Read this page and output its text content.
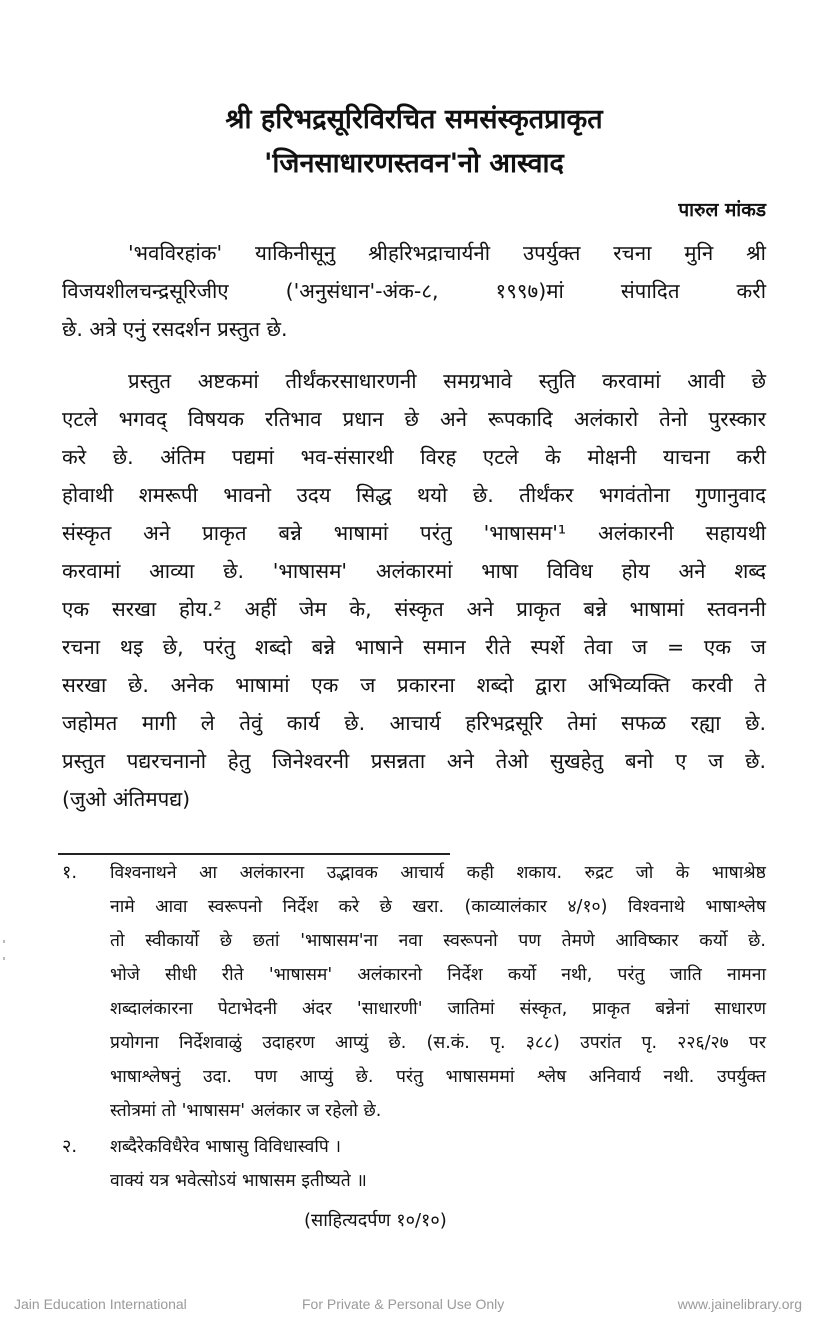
श्री हरिभद्रसूरिविरचित समसंस्कृतप्राकृत
'जिनसाधारणस्तवन'नो आस्वाद
पारुल मांकड
'भवविरहांक' याकिनीसूनु श्रीहरिभद्राचार्यनी उपर्युक्त रचना मुनि श्री
विजयशीलचन्द्रसूरिजीए ('अनुसंधान'-अंक-८, १९९७)मां संपादित करी
छे. अत्रे एनुं रसदर्शन प्रस्तुत छे.
प्रस्तुत अष्टकमां तीर्थंकरसाधारणनी समग्रभावे स्तुति करवामां आवी छे
एटले भगवद् विषयक रतिभाव प्रधान छे अने रूपकादि अलंकारो तेनो पुरस्कार
करे छे. अंतिम पद्यमां भव-संसारथी विरह एटले के मोक्षनी याचना करी
होवाथी शमरूपी भावनो उदय सिद्ध थयो छे. तीर्थंकर भगवंतोना गुणानुवाद
संस्कृत अने प्राकृत बन्ने भाषामां परंतु 'भाषासम'¹ अलंकारनी सहायथी
करवामां आव्या छे. 'भाषासम' अलंकारमां भाषा विविध होय अने शब्द
एक सरखा होय.² अहीं जेम के, संस्कृत अने प्राकृत बन्ने भाषामां स्तवननी
रचना थइ छे, परंतु शब्दो बन्ने भाषाने समान रीते स्पर्शे तेवा ज = एक ज
सरखा छे. अनेक भाषामां एक ज प्रकारना शब्दो द्वारा अभिव्यक्ति करवी ते
जहोमत मागी ले तेवुं कार्य छे. आचार्य हरिभद्रसूरि तेमां सफळ रह्या छे.
प्रस्तुत पद्यरचनानो हेतु जिनेश्वरनी प्रसन्नता अने तेओ सुखहेतु बनो ए ज छे.
(जुओ अंतिमपद्य)
१. विश्वनाथने आ अलंकारना उद्भावक आचार्य कही शकाय. रुद्रट जो के भाषाश्रेष्ठ
नामे आवा स्वरूपनो निर्देश करे छे खरा. (काव्यालंकार ४/१०) विश्वनाथे भाषाश्लेष
तो स्वीकार्यो छे छतां 'भाषासम'ना नवा स्वरूपनो पण तेमणे आविष्कार कर्यो छे.
भोजे सीधी रीते 'भाषासम' अलंकारनो निर्देश कर्यो नथी, परंतु जाति नामना
शब्दालंकारना पेटाभेदनी अंदर 'साधारणी' जातिमां संस्कृत, प्राकृत बन्नेनां साधारण
प्रयोगना निर्देशवाळुं उदाहरण आप्युं छे. (स.कं. पृ. ३८८) उपरांत पृ. २२६/२७ पर
भाषाश्लेषनुं उदा. पण आप्युं छे. परंतु भाषासममां श्लेष अनिवार्य नथी. उपर्युक्त
स्तोत्रमां तो 'भाषासम' अलंकार ज रहेलो छे.
२. शब्दैरेकविधैरेव भाषासु विविधास्वपि ।
वाक्यं यत्र भवेत्सोऽयं भाषासम इतीष्यते ॥
(साहित्यदर्पण १०/१०)
Jain Education International	For Private & Personal Use Only	www.jainelibrary.org
